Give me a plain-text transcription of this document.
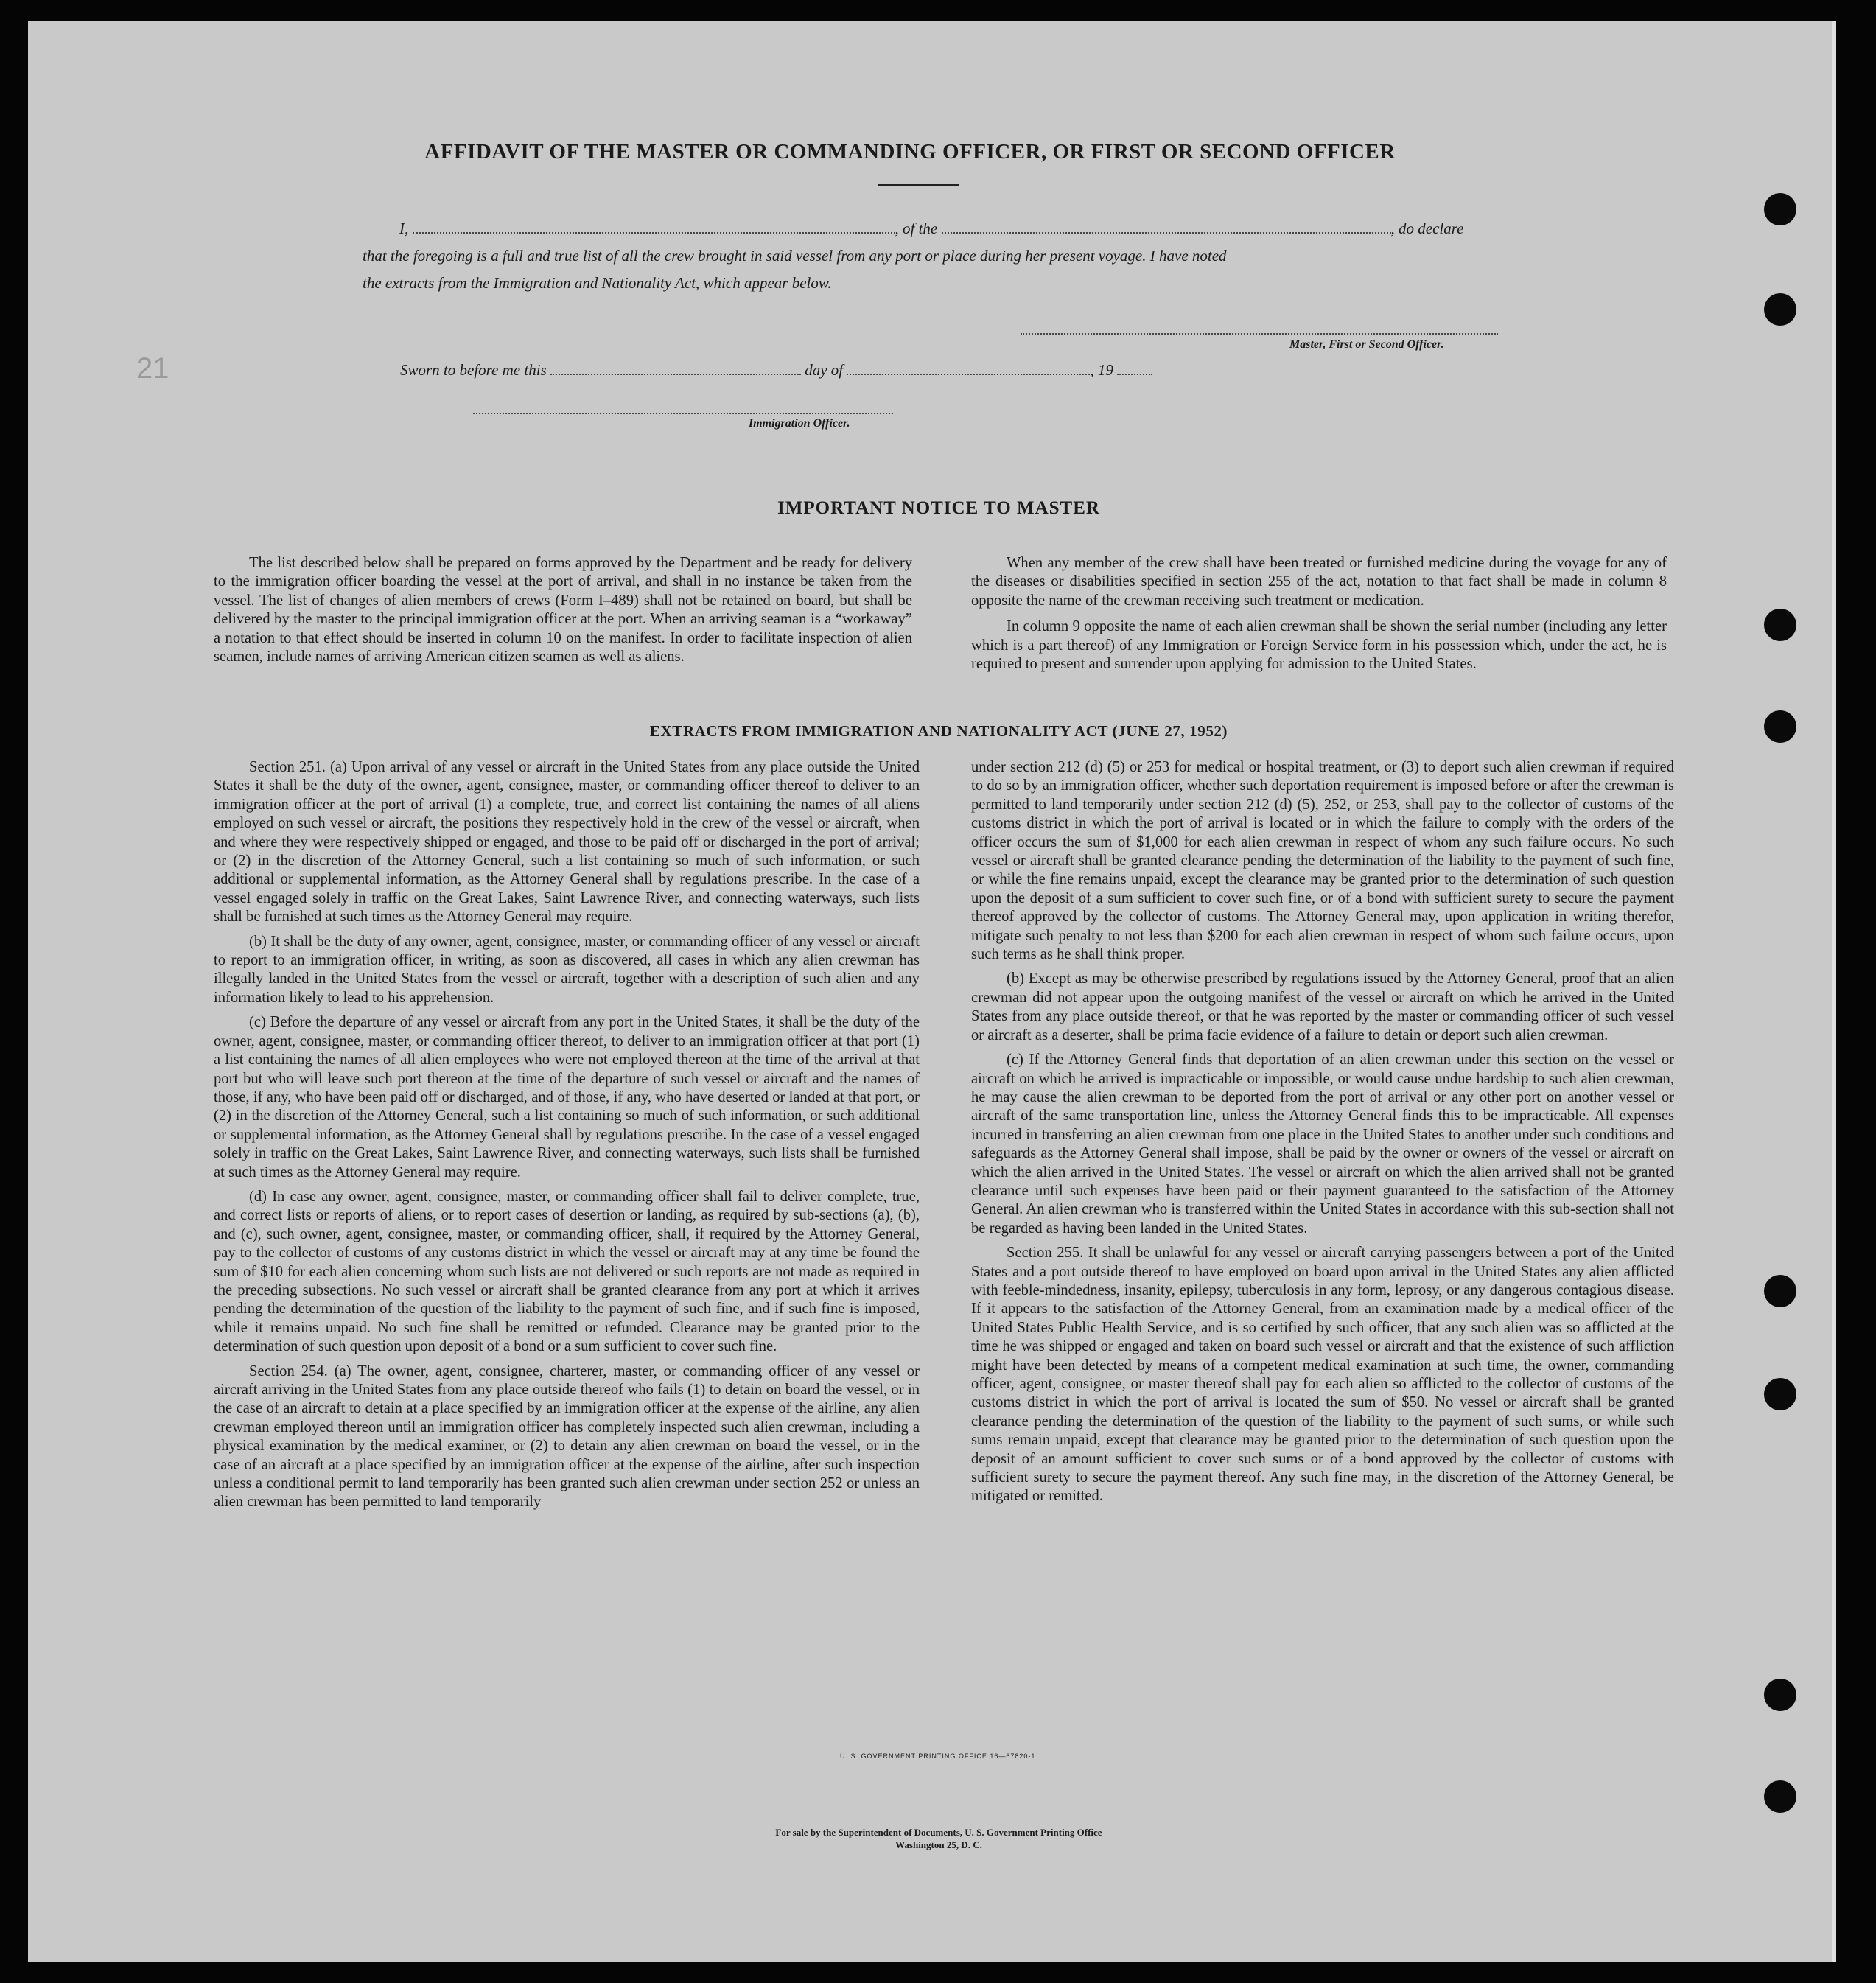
21
AFFIDAVIT OF THE MASTER OR COMMANDING OFFICER, OR FIRST OR SECOND OFFICER
I,	, of the	, do declare
that the foregoing is a full and true list of all the crew brought in said vessel from any port or place during her present voyage. I have noted
the extracts from the Immigration and Nationality Act, which appear below.
Master, First or Second Officer.
Sworn to before me this	day of	, 19
Immigration Officer.
IMPORTANT NOTICE TO MASTER

The list described below shall be prepared on forms approved by the Department and be ready for delivery to the immigration officer boarding the vessel at the port of arrival, and shall in no instance be taken from the vessel. The list of changes of alien members of crews (Form I–489) shall not be retained on board, but shall be delivered by the master to the principal immigration officer at the port. When an arriving seaman is a “workaway” a notation to that effect should be inserted in column 10 on the manifest. In order to facilitate inspection of alien seamen, include names of arriving American citizen seamen as well as aliens.

When any member of the crew shall have been treated or furnished medicine during the voyage for any of the diseases or disabilities specified in section 255 of the act, notation to that fact shall be made in column 8 opposite the name of the crewman receiving such treatment or medication.

In column 9 opposite the name of each alien crewman shall be shown the serial number (including any letter which is a part thereof) of any Immigration or Foreign Service form in his possession which, under the act, he is required to present and surrender upon applying for admission to the United States.

EXTRACTS FROM IMMIGRATION AND NATIONALITY ACT (JUNE 27, 1952)

Section 251. (a) Upon arrival of any vessel or aircraft in the United States from any place outside the United States it shall be the duty of the owner, agent, consignee, master, or commanding officer thereof to deliver to an immigration officer at the port of arrival (1) a complete, true, and correct list containing the names of all aliens employed on such vessel or aircraft, the positions they respectively hold in the crew of the vessel or aircraft, when and where they were respectively shipped or engaged, and those to be paid off or discharged in the port of arrival; or (2) in the discretion of the Attorney General, such a list containing so much of such information, or such additional or supplemental information, as the Attorney General shall by regulations prescribe. In the case of a vessel engaged solely in traffic on the Great Lakes, Saint Lawrence River, and connecting waterways, such lists shall be furnished at such times as the Attorney General may require.

(b) It shall be the duty of any owner, agent, consignee, master, or commanding officer of any vessel or aircraft to report to an immigration officer, in writing, as soon as discovered, all cases in which any alien crewman has illegally landed in the United States from the vessel or aircraft, together with a description of such alien and any information likely to lead to his apprehension.

(c) Before the departure of any vessel or aircraft from any port in the United States, it shall be the duty of the owner, agent, consignee, master, or commanding officer thereof, to deliver to an immigration officer at that port (1) a list containing the names of all alien employees who were not employed thereon at the time of the arrival at that port but who will leave such port thereon at the time of the departure of such vessel or aircraft and the names of those, if any, who have been paid off or discharged, and of those, if any, who have deserted or landed at that port, or (2) in the discretion of the Attorney General, such a list containing so much of such information, or such additional or supplemental information, as the Attorney General shall by regulations prescribe. In the case of a vessel engaged solely in traffic on the Great Lakes, Saint Lawrence River, and connecting waterways, such lists shall be furnished at such times as the Attorney General may require.

(d) In case any owner, agent, consignee, master, or commanding officer shall fail to deliver complete, true, and correct lists or reports of aliens, or to report cases of desertion or landing, as required by sub-sections (a), (b), and (c), such owner, agent, consignee, master, or commanding officer, shall, if required by the Attorney General, pay to the collector of customs of any customs district in which the vessel or aircraft may at any time be found the sum of $10 for each alien concerning whom such lists are not delivered or such reports are not made as required in the preceding subsections. No such vessel or aircraft shall be granted clearance from any port at which it arrives pending the determination of the question of the liability to the payment of such fine, and if such fine is imposed, while it remains unpaid. No such fine shall be remitted or refunded. Clearance may be granted prior to the determination of such question upon deposit of a bond or a sum sufficient to cover such fine.

Section 254. (a) The owner, agent, consignee, charterer, master, or commanding officer of any vessel or aircraft arriving in the United States from any place outside thereof who fails (1) to detain on board the vessel, or in the case of an aircraft to detain at a place specified by an immigration officer at the expense of the airline, any alien crewman employed thereon until an immigration officer has completely inspected such alien crewman, including a physical examination by the medical examiner, or (2) to detain any alien crewman on board the vessel, or in the case of an aircraft at a place specified by an immigration officer at the expense of the airline, after such inspection unless a conditional permit to land temporarily has been granted such alien crewman under section 252 or unless an alien crewman has been permitted to land temporarily

under section 212 (d) (5) or 253 for medical or hospital treatment, or (3) to deport such alien crewman if required to do so by an immigration officer, whether such deportation requirement is imposed before or after the crewman is permitted to land temporarily under section 212 (d) (5), 252, or 253, shall pay to the collector of customs of the customs district in which the port of arrival is located or in which the failure to comply with the orders of the officer occurs the sum of $1,000 for each alien crewman in respect of whom any such failure occurs. No such vessel or aircraft shall be granted clearance pending the determination of the liability to the payment of such fine, or while the fine remains unpaid, except the clearance may be granted prior to the determination of such question upon the deposit of a sum sufficient to cover such fine, or of a bond with sufficient surety to secure the payment thereof approved by the collector of customs. The Attorney General may, upon application in writing therefor, mitigate such penalty to not less than $200 for each alien crewman in respect of whom such failure occurs, upon such terms as he shall think proper.

(b) Except as may be otherwise prescribed by regulations issued by the Attorney General, proof that an alien crewman did not appear upon the outgoing manifest of the vessel or aircraft on which he arrived in the United States from any place outside thereof, or that he was reported by the master or commanding officer of such vessel or aircraft as a deserter, shall be prima facie evidence of a failure to detain or deport such alien crewman.

(c) If the Attorney General finds that deportation of an alien crewman under this section on the vessel or aircraft on which he arrived is impracticable or impossible, or would cause undue hardship to such alien crewman, he may cause the alien crewman to be deported from the port of arrival or any other port on another vessel or aircraft of the same transportation line, unless the Attorney General finds this to be impracticable. All expenses incurred in transferring an alien crewman from one place in the United States to another under such conditions and safeguards as the Attorney General shall impose, shall be paid by the owner or owners of the vessel or aircraft on which the alien arrived in the United States. The vessel or aircraft on which the alien arrived shall not be granted clearance until such expenses have been paid or their payment guaranteed to the satisfaction of the Attorney General. An alien crewman who is transferred within the United States in accordance with this sub-section shall not be regarded as having been landed in the United States.

Section 255. It shall be unlawful for any vessel or aircraft carrying passengers between a port of the United States and a port outside thereof to have employed on board upon arrival in the United States any alien afflicted with feeble-mindedness, insanity, epilepsy, tuberculosis in any form, leprosy, or any dangerous contagious disease. If it appears to the satisfaction of the Attorney General, from an examination made by a medical officer of the United States Public Health Service, and is so certified by such officer, that any such alien was so afflicted at the time he was shipped or engaged and taken on board such vessel or aircraft and that the existence of such affliction might have been detected by means of a competent medical examination at such time, the owner, commanding officer, agent, consignee, or master thereof shall pay for each alien so afflicted to the collector of customs of the customs district in which the port of arrival is located the sum of $50. No vessel or aircraft shall be granted clearance pending the determination of the question of the liability to the payment of such sums, or while such sums remain unpaid, except that clearance may be granted prior to the determination of such question upon the deposit of an amount sufficient to cover such sums or of a bond approved by the collector of customs with sufficient surety to secure the payment thereof. Any such fine may, in the discretion of the Attorney General, be mitigated or remitted.

U. S. GOVERNMENT PRINTING OFFICE 16—67820-1
For sale by the Superintendent of Documents, U. S. Government Printing Office
Washington 25, D. C.
